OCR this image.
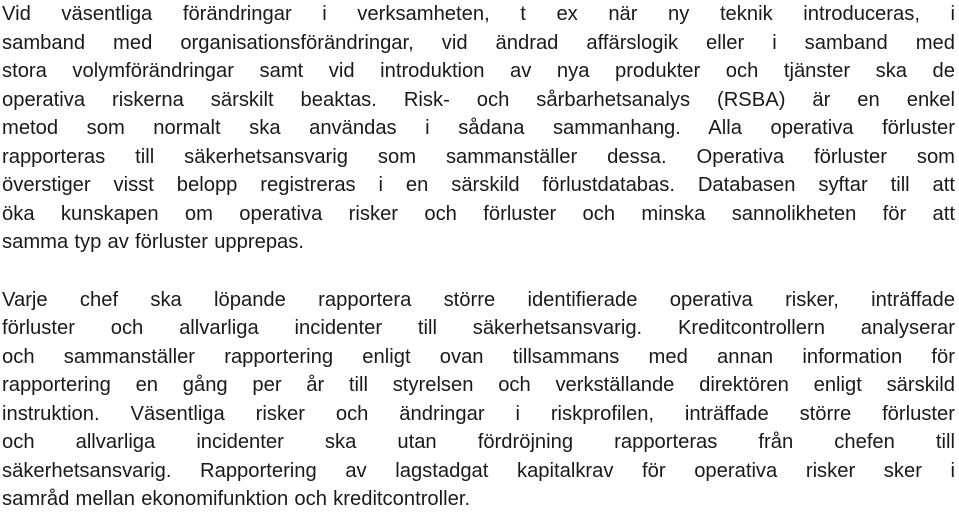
Vid väsentliga förändringar i verksamheten, t ex när ny teknik introduceras, i
samband med organisationsförändringar, vid ändrad affärslogik eller i samband med
stora volymförändringar samt vid introduktion av nya produkter och tjänster ska de
operativa riskerna särskilt beaktas. Risk- och sårbarhetsanalys (RSBA) är en enkel
metod som normalt ska användas i sådana sammanhang. Alla operativa förluster
rapporteras till säkerhetsansvarig som sammanställer dessa. Operativa förluster som
överstiger visst belopp registreras i en särskild förlustdatabas. Databasen syftar till att
öka kunskapen om operativa risker och förluster och minska sannolikheten för att
samma typ av förluster upprepas.
Varje chef ska löpande rapportera större identifierade operativa risker, inträffade
förluster och allvarliga incidenter till säkerhetsansvarig. Kreditcontrollern analyserar
och sammanställer rapportering enligt ovan tillsammans med annan information för
rapportering en gång per år till styrelsen och verkställande direktören enligt särskild
instruktion. Väsentliga risker och ändringar i riskprofilen, inträffade större förluster
och allvarliga incidenter ska utan fördröjning rapporteras från chefen till
säkerhetsansvarig. Rapportering av lagstadgat kapitalkrav för operativa risker sker i
samråd mellan ekonomifunktion och kreditcontroller.
